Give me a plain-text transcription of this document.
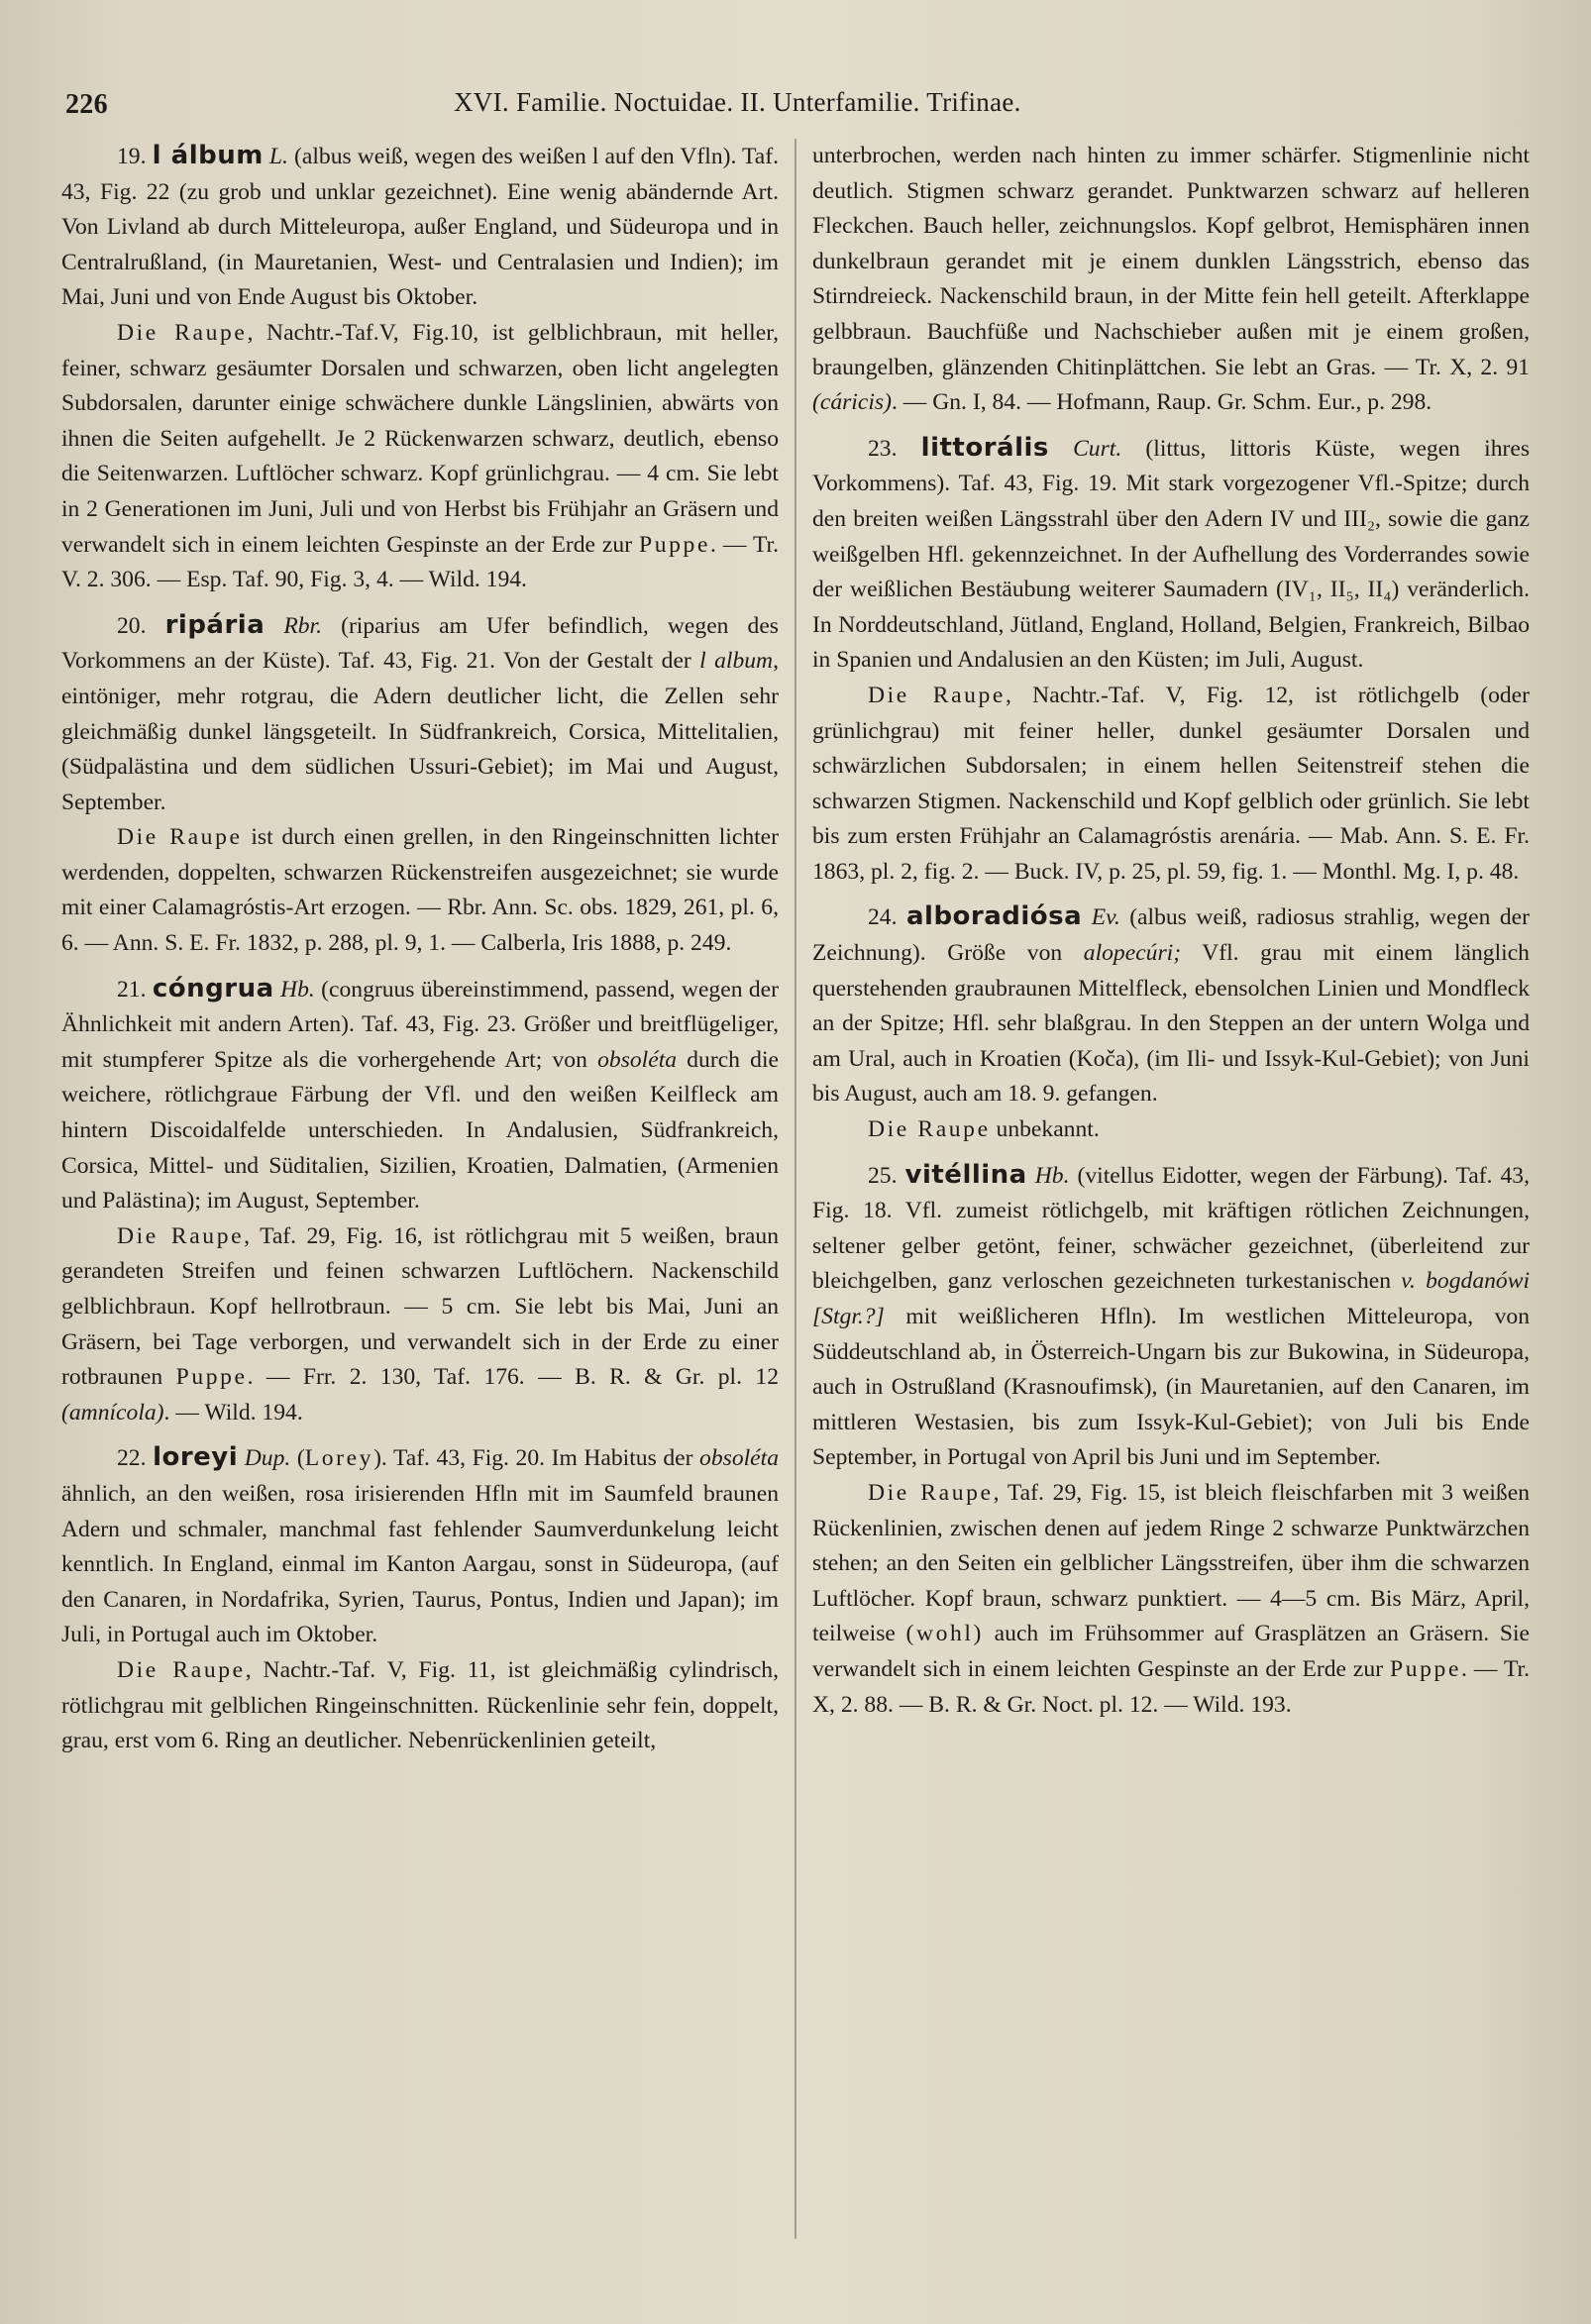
226	XVI. Familie. Noctuidae. II. Unterfamilie. Trifinae.

19. l álbum L. (albus weiß, wegen des weißen l auf den Vfln). Taf. 43, Fig. 22 (zu grob und unklar gezeichnet). Eine wenig abändernde Art. Von Livland ab durch Mitteleuropa, außer England, und Südeuropa und in Centralrußland, (in Mauretanien, West- und Centralasien und Indien); im Mai, Juni und von Ende August bis Oktober.

Die Raupe, Nachtr.-Taf.V, Fig.10, ist gelblichbraun, mit heller, feiner, schwarz gesäumter Dorsalen und schwarzen, oben licht angelegten Subdorsalen, darunter einige schwächere dunkle Längslinien, abwärts von ihnen die Seiten aufgehellt. Je 2 Rückenwarzen schwarz, deutlich, ebenso die Seitenwarzen. Luftlöcher schwarz. Kopf grünlichgrau. — 4 cm. Sie lebt in 2 Generationen im Juni, Juli und von Herbst bis Frühjahr an Gräsern und verwandelt sich in einem leichten Gespinste an der Erde zur Puppe. — Tr. V. 2. 306. — Esp. Taf. 90, Fig. 3, 4. — Wild. 194.

20. ripária Rbr. (riparius am Ufer befindlich, wegen des Vorkommens an der Küste). Taf. 43, Fig. 21. Von der Gestalt der l album, eintöniger, mehr rotgrau, die Adern deutlicher licht, die Zellen sehr gleichmäßig dunkel längsgeteilt. In Südfrankreich, Corsica, Mittelitalien, (Südpalästina und dem südlichen Ussuri-Gebiet); im Mai und August, September.

Die Raupe ist durch einen grellen, in den Ringeinschnitten lichter werdenden, doppelten, schwarzen Rückenstreifen ausgezeichnet; sie wurde mit einer Calamagróstis-Art erzogen. — Rbr. Ann. Sc. obs. 1829, 261, pl. 6, 6. — Ann. S. E. Fr. 1832, p. 288, pl. 9, 1. — Calberla, Iris 1888, p. 249.

21. cóngrua Hb. (congruus übereinstimmend, passend, wegen der Ähnlichkeit mit andern Arten). Taf. 43, Fig. 23. Größer und breitflügeliger, mit stumpferer Spitze als die vorhergehende Art; von obsoléta durch die weichere, rötlichgraue Färbung der Vfl. und den weißen Keilfleck am hintern Discoidalfelde unterschieden. In Andalusien, Südfrankreich, Corsica, Mittel- und Süditalien, Sizilien, Kroatien, Dalmatien, (Armenien und Palästina); im August, September.

Die Raupe, Taf. 29, Fig. 16, ist rötlichgrau mit 5 weißen, braun gerandeten Streifen und feinen schwarzen Luftlöchern. Nackenschild gelblichbraun. Kopf hellrotbraun. — 5 cm. Sie lebt bis Mai, Juni an Gräsern, bei Tage verborgen, und verwandelt sich in der Erde zu einer rotbraunen Puppe. — Frr. 2. 130, Taf. 176. — B. R. & Gr. pl. 12 (amnícola). — Wild. 194.

22. loreyi Dup. (Lorey). Taf. 43, Fig. 20. Im Habitus der obsoléta ähnlich, an den weißen, rosa irisierenden Hfln mit im Saumfeld braunen Adern und schmaler, manchmal fast fehlender Saumverdunkelung leicht kenntlich. In England, einmal im Kanton Aargau, sonst in Südeuropa, (auf den Canaren, in Nordafrika, Syrien, Taurus, Pontus, Indien und Japan); im Juli, in Portugal auch im Oktober.

Die Raupe, Nachtr.-Taf. V, Fig. 11, ist gleichmäßig cylindrisch, rötlichgrau mit gelblichen Ringeinschnitten. Rückenlinie sehr fein, doppelt, grau, erst vom 6. Ring an deutlicher. Nebenrückenlinien geteilt,

unterbrochen, werden nach hinten zu immer schärfer. Stigmenlinie nicht deutlich. Stigmen schwarz gerandet. Punktwarzen schwarz auf helleren Fleckchen. Bauch heller, zeichnungslos. Kopf gelbrot, Hemisphären innen dunkelbraun gerandet mit je einem dunklen Längsstrich, ebenso das Stirndreieck. Nackenschild braun, in der Mitte fein hell geteilt. Afterklappe gelbbraun. Bauchfüße und Nachschieber außen mit je einem großen, braungelben, glänzenden Chitinplättchen. Sie lebt an Gras. — Tr. X, 2. 91 (cáricis). — Gn. I, 84. — Hofmann, Raup. Gr. Schm. Eur., p. 298.

23. littorális Curt. (littus, littoris Küste, wegen ihres Vorkommens). Taf. 43, Fig. 19. Mit stark vorgezogener Vfl.-Spitze; durch den breiten weißen Längsstrahl über den Adern IV und III₂, sowie die ganz weißgelben Hfl. gekennzeichnet. In der Aufhellung des Vorderrandes sowie der weißlichen Bestäubung weiterer Saumadern (IV₁, II₅, II₄) veränderlich. In Norddeutschland, Jütland, England, Holland, Belgien, Frankreich, Bilbao in Spanien und Andalusien an den Küsten; im Juli, August.

Die Raupe, Nachtr.-Taf. V, Fig. 12, ist rötlichgelb (oder grünlichgrau) mit feiner heller, dunkel gesäumter Dorsalen und schwärzlichen Subdorsalen; in einem hellen Seitenstreif stehen die schwarzen Stigmen. Nackenschild und Kopf gelblich oder grünlich. Sie lebt bis zum ersten Frühjahr an Calamagróstis arenária. — Mab. Ann. S. E. Fr. 1863, pl. 2, fig. 2. — Buck. IV, p. 25, pl. 59, fig. 1. — Monthl. Mg. I, p. 48.

24. alboradiósa Ev. (albus weiß, radiosus strahlig, wegen der Zeichnung). Größe von alopecúri; Vfl. grau mit einem länglich querstehenden graubraunen Mittelfleck, ebensolchen Linien und Mondfleck an der Spitze; Hfl. sehr blaßgrau. In den Steppen an der untern Wolga und am Ural, auch in Kroatien (Koča), (im Ili- und Issyk-Kul-Gebiet); von Juni bis August, auch am 18. 9. gefangen.

Die Raupe unbekannt.

25. vitéllina Hb. (vitellus Eidotter, wegen der Färbung). Taf. 43, Fig. 18. Vfl. zumeist rötlichgelb, mit kräftigen rötlichen Zeichnungen, seltener gelber getönt, feiner, schwächer gezeichnet, (überleitend zur bleichgelben, ganz verloschen gezeichneten turkestanischen v. bogdanówi [Stgr.?] mit weißlicheren Hfln). Im westlichen Mitteleuropa, von Süddeutschland ab, in Österreich-Ungarn bis zur Bukowina, in Südeuropa, auch in Ostrußland (Krasnoufimsk), (in Mauretanien, auf den Canaren, im mittleren Westasien, bis zum Issyk-Kul-Gebiet); von Juli bis Ende September, in Portugal von April bis Juni und im September.

Die Raupe, Taf. 29, Fig. 15, ist bleich fleischfarben mit 3 weißen Rückenlinien, zwischen denen auf jedem Ringe 2 schwarze Punktwärzchen stehen; an den Seiten ein gelblicher Längsstreifen, über ihm die schwarzen Luftlöcher. Kopf braun, schwarz punktiert. — 4—5 cm. Bis März, April, teilweise (wohl) auch im Frühsommer auf Grasplätzen an Gräsern. Sie verwandelt sich in einem leichten Gespinste an der Erde zur Puppe. — Tr. X, 2. 88. — B. R. & Gr. Noct. pl. 12. — Wild. 193.
